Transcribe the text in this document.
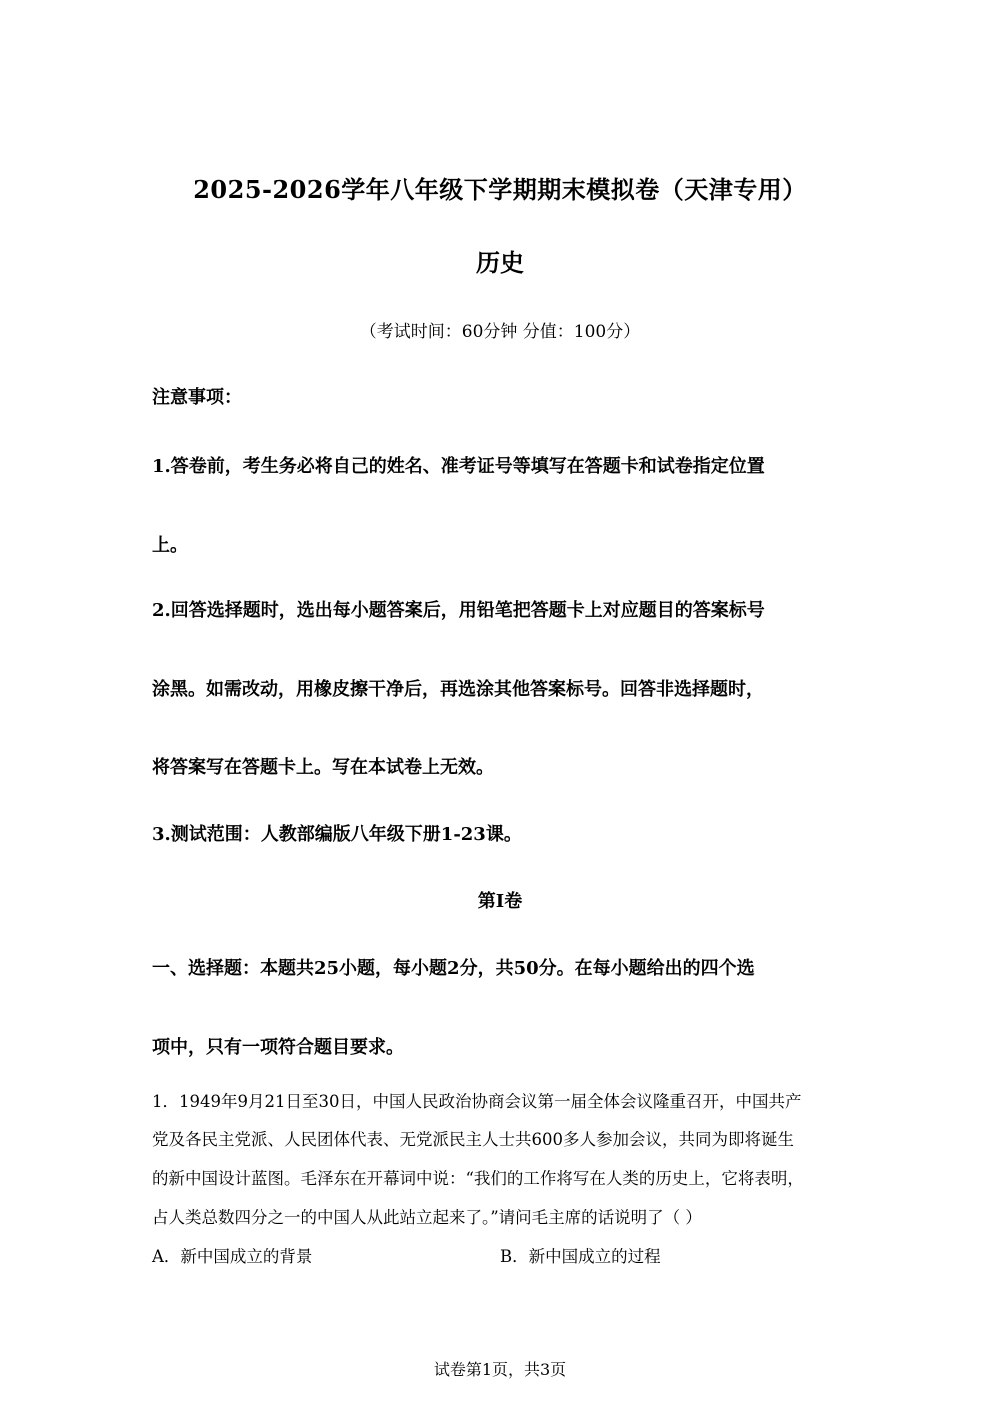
2025-2026学年八年级下学期期末模拟卷（天津专用）
历史
（考试时间：60分钟 分值：100分）
注意事项：
1.答卷前，考生务必将自己的姓名、准考证号等填写在答题卡和试卷指定位置
上。
2.回答选择题时，选出每小题答案后，用铅笔把答题卡上对应题目的答案标号
涂黑。如需改动，用橡皮擦干净后，再选涂其他答案标号。回答非选择题时，
将答案写在答题卡上。写在本试卷上无效。
3.测试范围：人教部编版八年级下册1-23课。
第Ⅰ卷
一、选择题：本题共25小题，每小题2分，共50分。在每小题给出的四个选
项中，只有一项符合题目要求。
1．1949年9月21日至30日，中国人民政治协商会议第一届全体会议隆重召开，中国共产
党及各民主党派、人民团体代表、无党派民主人士共600多人参加会议，共同为即将诞生
的新中国设计蓝图。毛泽东在开幕词中说：“我们的工作将写在人类的历史上，它将表明，
占人类总数四分之一的中国人从此站立起来了。”请问毛主席的话说明了（ ）
A．新中国成立的背景	B．新中国成立的过程
试卷第1页，共3页
